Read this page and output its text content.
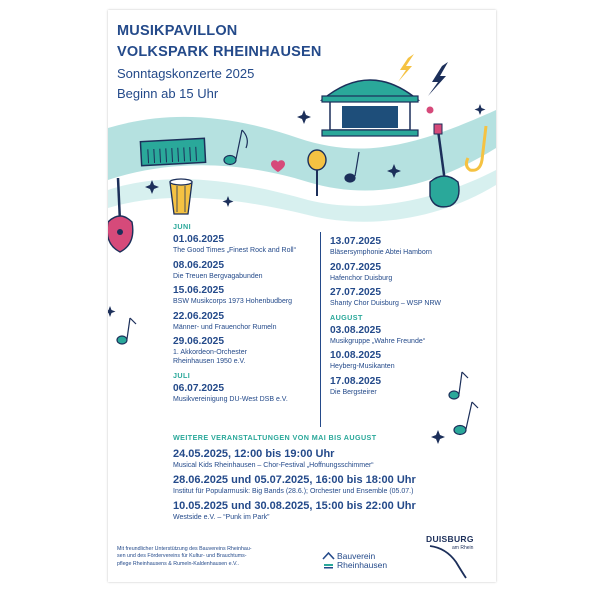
MUSIKPAVILLON
VOLKSPARK RHEINHAUSEN
Sonntagskonzerte 2025
Beginn ab 15 Uhr
JUNI
01.06.2025
The Good Times „Finest Rock and Roll“
08.06.2025
Die Treuen Bergvagabunden
15.06.2025
BSW Musikcorps 1973 Hohenbudberg
22.06.2025
Männer- und Frauenchor Rumeln
29.06.2025
1. Akkordeon-Orchester
Rheinhausen 1950 e.V.
JULI
06.07.2025
Musikvereinigung DU-West DSB e.V.
13.07.2025
Bläsersymphonie Abtei Hamborn
20.07.2025
Hafenchor Duisburg
27.07.2025
Shanty Chor Duisburg – WSP NRW
AUGUST
03.08.2025
Musikgruppe „Wahre Freunde“
10.08.2025
Heyberg-Musikanten
17.08.2025
Die Bergsteirer
WEITERE VERANSTALTUNGEN VON MAI BIS AUGUST
24.05.2025, 12:00 bis 19:00 Uhr
Musical Kids Rheinhausen – Chor-Festival „Hoffnungsschimmer“
28.06.2025 und 05.07.2025, 16:00 bis 18:00 Uhr
Institut für Popularmusik: Big Bands (28.6.); Orchester und Ensemble (05.07.)
10.05.2025 und 30.08.2025, 15:00 bis 22:00 Uhr
Westside e.V. – “Punk im Park”
Mit freundlicher Unterstützung des Bauvereins Rheinhau-
sen und des Fördervereins für Kultur- und Brauchtums-
pflege Rheinhausens & Rumeln-Kaldenhausen e.V..
Bauverein
Rheinhausen
DUISBURG
am Rhein
